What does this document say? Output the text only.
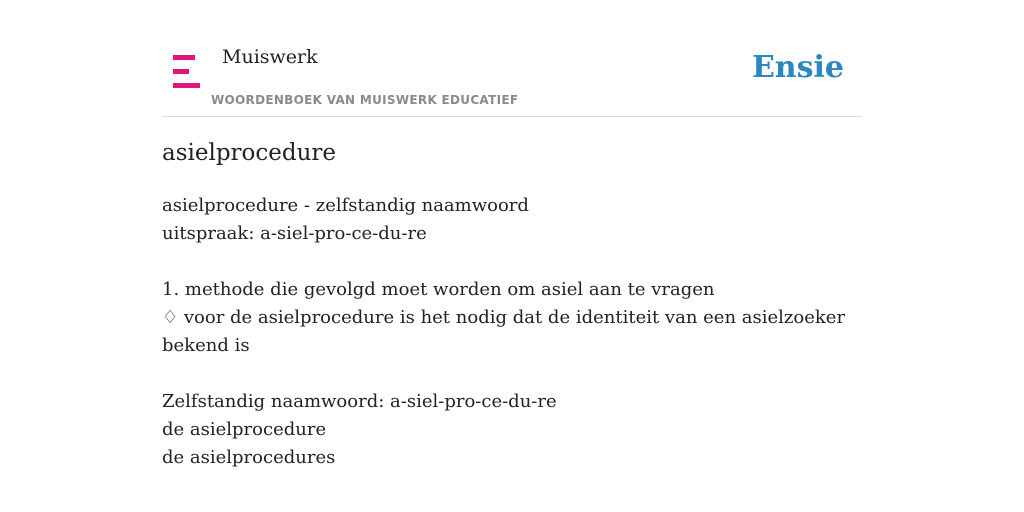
Muiswerk
WOORDENBOEK VAN MUISWERK EDUCATIEF
Ensie
asielprocedure
asielprocedure - zelfstandig naamwoord
uitspraak: a-siel-pro-ce-du-re
1. methode die gevolgd moet worden om asiel aan te vragen
♢ voor de asielprocedure is het nodig dat de identiteit van een asielzoeker
bekend is
Zelfstandig naamwoord: a-siel-pro-ce-du-re
de asielprocedure
de asielprocedures
